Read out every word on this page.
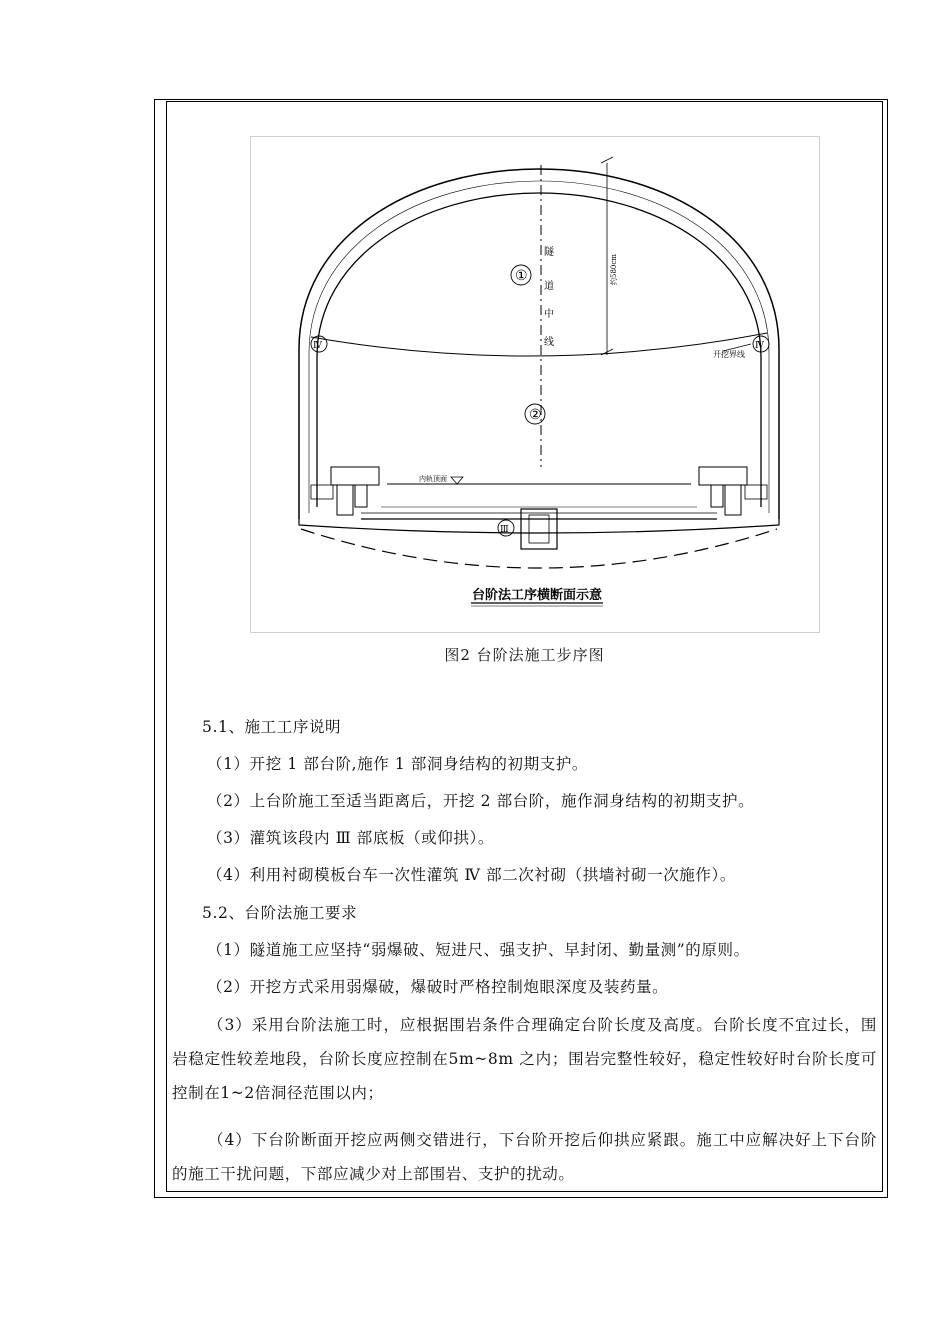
①
②
Ⅳ	Ⅳ
Ⅲ
隧
道
中
线
开挖界线
内轨顶面
约580cm
台阶法工序横断面示意
图2 台阶法施工步序图
5.1、施工工序说明
（1）开挖 1 部台阶,施作 1 部洞身结构的初期支护。
（2）上台阶施工至适当距离后，开挖 2 部台阶，施作洞身结构的初期支护。
（3）灌筑该段内 Ⅲ 部底板（或仰拱）。
（4）利用衬砌模板台车一次性灌筑 Ⅳ 部二次衬砌（拱墙衬砌一次施作）。
5.2、台阶法施工要求
（1）隧道施工应坚持“弱爆破、短进尺、强支护、早封闭、勤量测”的原则。
（2）开挖方式采用弱爆破，爆破时严格控制炮眼深度及装药量。
（3）采用台阶法施工时，应根据围岩条件合理确定台阶长度及高度。台阶长度不宜过长，围岩稳定性较差地段，台阶长度应控制在5m~8m 之内；围岩完整性较好，稳定性较好时台阶长度可控制在1~2倍洞径范围以内；
（4）下台阶断面开挖应两侧交错进行，下台阶开挖后仰拱应紧跟。施工中应解决好上下台阶的施工干扰问题，下部应减少对上部围岩、支护的扰动。
